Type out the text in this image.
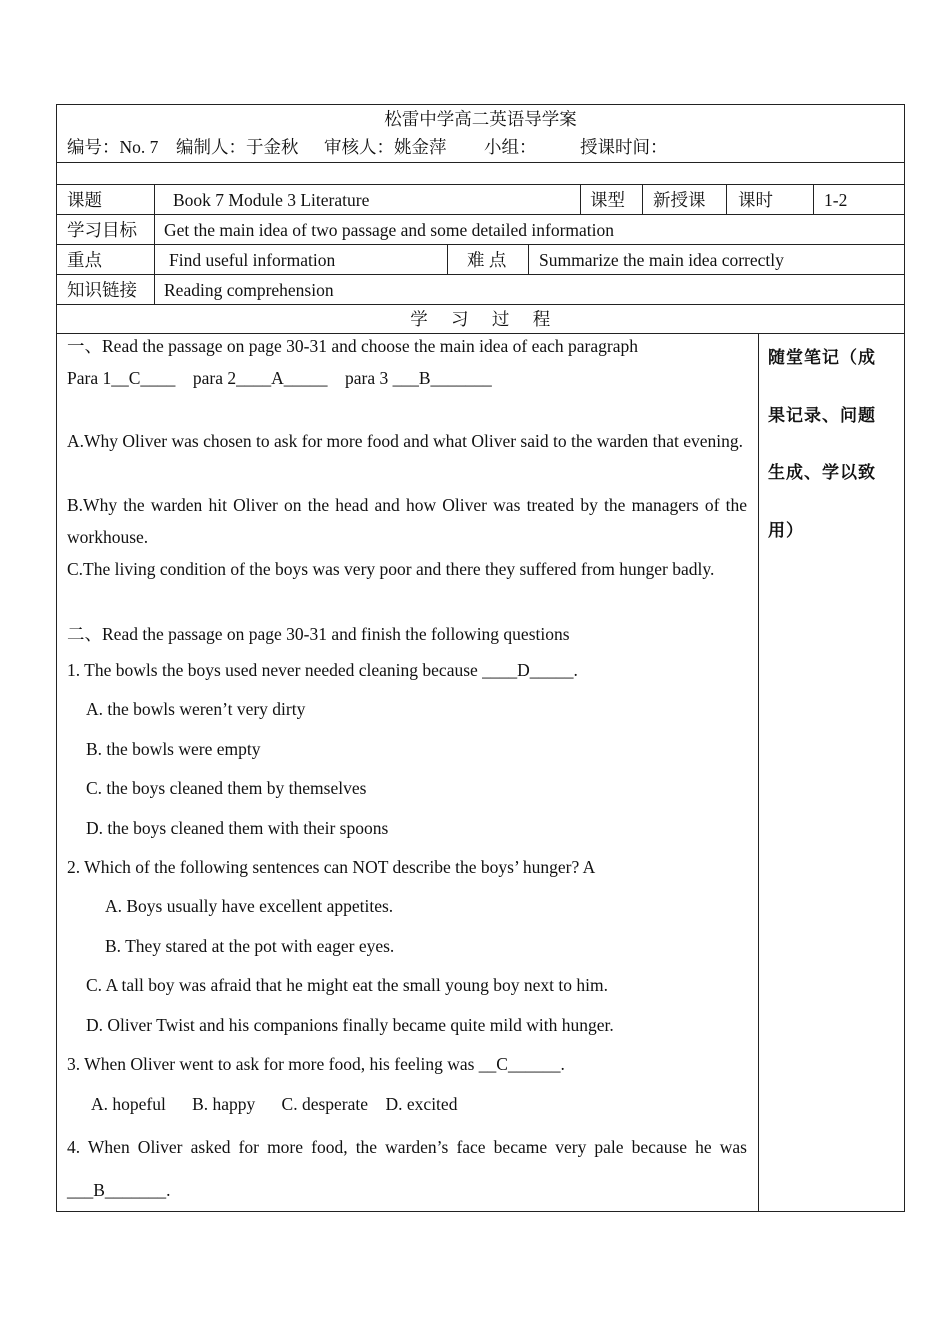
松雷中学高二英语导学案
编号：No. 7 编制人：于金秋 审核人：姚金萍 小组： 授课时间：
课题	Book 7 Module 3 Literature	课型 新授课 课时	1-2
学习目标 Get the main idea of two passage and some detailed information
重点	Find useful information	难 点 Summarize the main idea correctly
知识链接 Reading comprehension
学 习 过 程
随堂笔记（成
果记录、问题
生成、学以致
用）
一、Read the passage on page 30-31 and choose the main idea of each paragraph
Para 1__C____    para 2____A_____    para 3 ___B_______
A.Why Oliver was chosen to ask for more food and what Oliver said to the warden that evening.
B.Why the warden hit Oliver on the head and how Oliver was treated by the managers of the workhouse.
C.The living condition of the boys was very poor and there they suffered from hunger badly.
二、Read the passage on page 30-31 and finish the following questions
1. The bowls the boys used never needed cleaning because ____D_____.
A. the bowls weren’t very dirty
B. the bowls were empty
C. the boys cleaned them by themselves
D. the boys cleaned them with their spoons
2. Which of the following sentences can NOT describe the boys’ hunger? A
A. Boys usually have excellent appetites.
B. They stared at the pot with eager eyes.
C. A tall boy was afraid that he might eat the small young boy next to him.
D. Oliver Twist and his companions finally became quite mild with hunger.
3. When Oliver went to ask for more food, his feeling was __C______.
A. hopeful      B. happy      C. desperate    D. excited
4. When Oliver asked for more food, the warden’s face became very pale because he was ___B_______.
